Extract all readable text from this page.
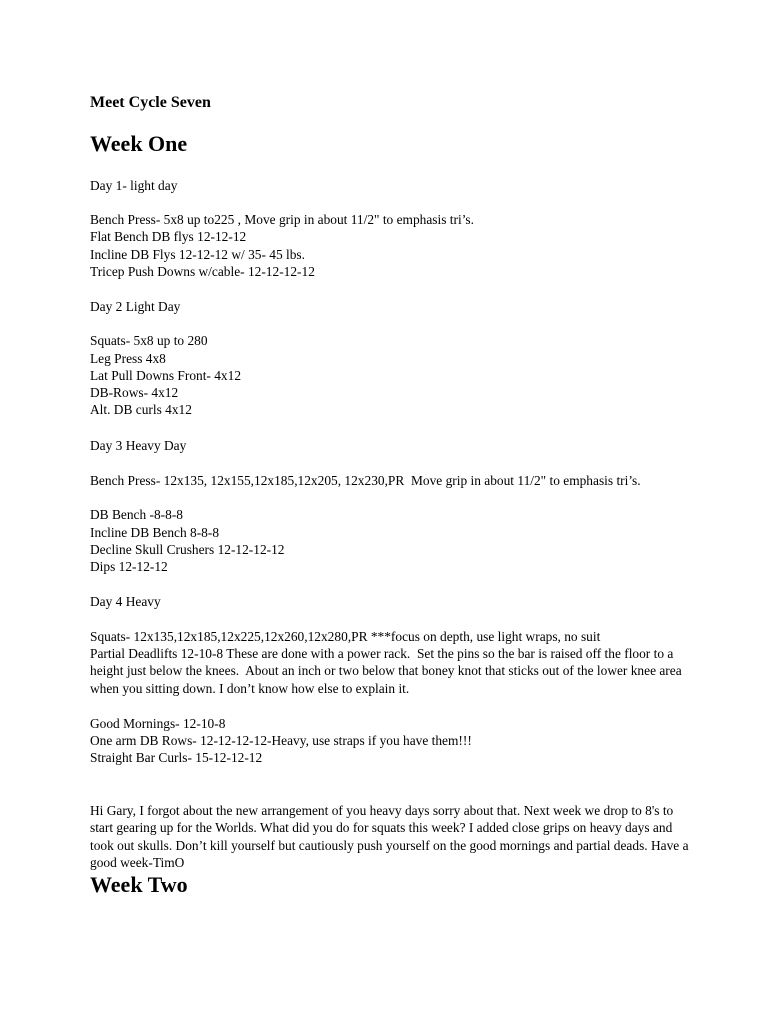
Meet Cycle Seven
Week One
Day 1- light day
Bench Press- 5x8 up to225 , Move grip in about 11/2" to emphasis tri’s.
Flat Bench DB flys 12-12-12
Incline DB Flys 12-12-12 w/ 35- 45 lbs.
Tricep Push Downs w/cable- 12-12-12-12
Day 2 Light Day
Squats- 5x8 up to 280
Leg Press 4x8
Lat Pull Downs Front- 4x12
DB-Rows- 4x12
Alt. DB curls 4x12
Day 3 Heavy Day
Bench Press- 12x135, 12x155,12x185,12x205, 12x230,PR  Move grip in about 11/2" to emphasis tri’s.
DB Bench -8-8-8
Incline DB Bench 8-8-8
Decline Skull Crushers 12-12-12-12
Dips 12-12-12
Day 4 Heavy
Squats- 12x135,12x185,12x225,12x260,12x280,PR ***focus on depth, use light wraps, no suit
Partial Deadlifts 12-10-8 These are done with a power rack.  Set the pins so the bar is raised off the floor to a height just below the knees.  About an inch or two below that boney knot that sticks out of the lower knee area when you sitting down. I don’t know how else to explain it.
Good Mornings- 12-10-8
One arm DB Rows- 12-12-12-12-Heavy, use straps if you have them!!!
Straight Bar Curls- 15-12-12-12
Hi Gary, I forgot about the new arrangement of you heavy days sorry about that. Next week we drop to 8's to start gearing up for the Worlds. What did you do for squats this week? I added close grips on heavy days and took out skulls. Don’t kill yourself but cautiously push yourself on the good mornings and partial deads. Have a good week-TimO
Week Two
